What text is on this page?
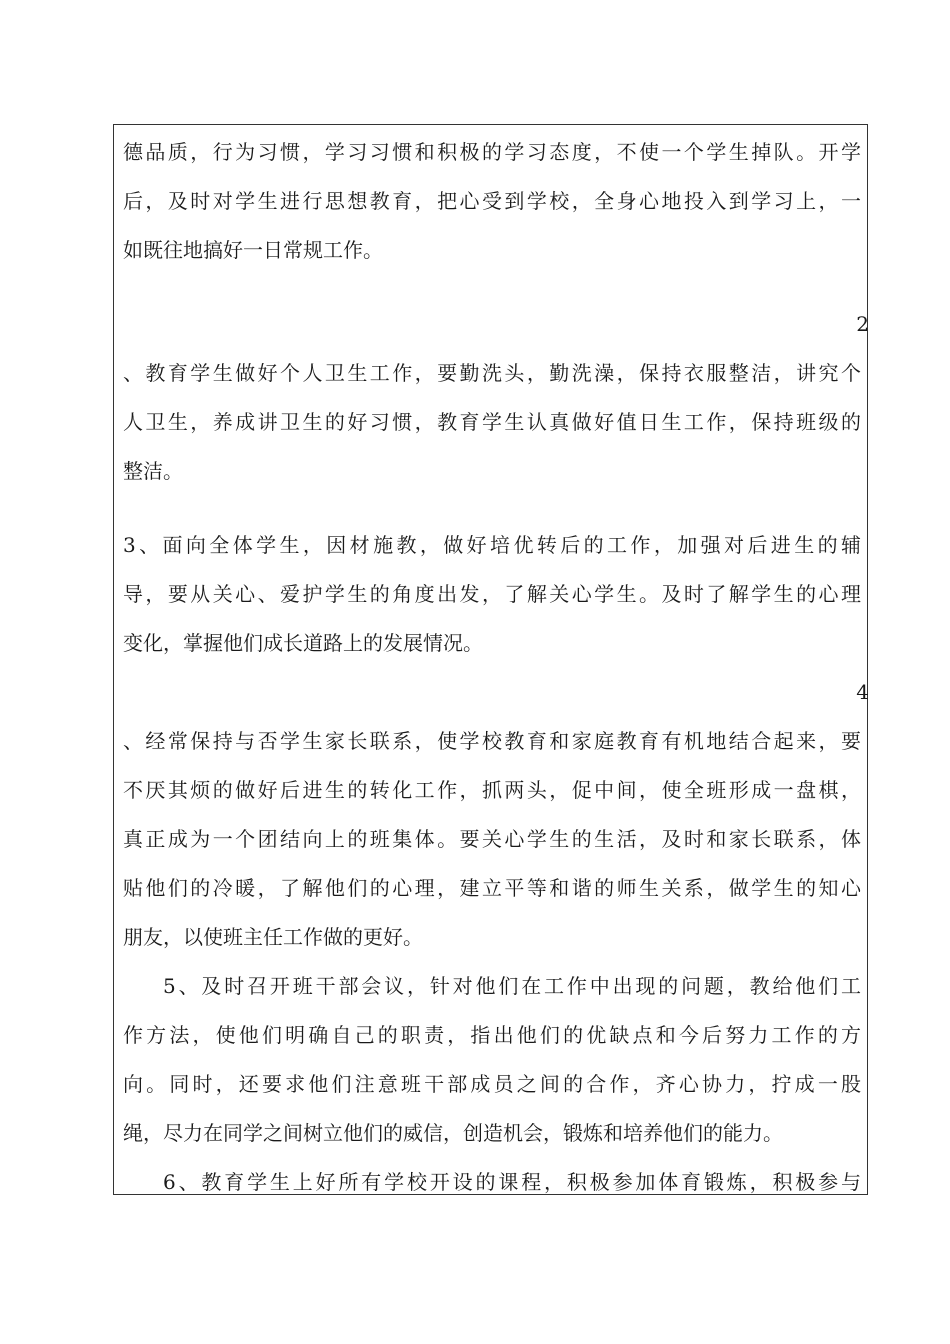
德品质，行为习惯，学习习惯和积极的学习态度，不使一个学生掉队。开学
后，及时对学生进行思想教育，把心受到学校，全身心地投入到学习上，一
如既往地搞好一日常规工作。
2
、教育学生做好个人卫生工作，要勤洗头，勤洗澡，保持衣服整洁，讲究个
人卫生，养成讲卫生的好习惯，教育学生认真做好值日生工作，保持班级的
整洁。
3、面向全体学生，因材施教，做好培优转后的工作，加强对后进生的辅
导，要从关心、爱护学生的角度出发，了解关心学生。及时了解学生的心理
变化，掌握他们成长道路上的发展情况。
4
、经常保持与否学生家长联系，使学校教育和家庭教育有机地结合起来，要
不厌其烦的做好后进生的转化工作，抓两头，促中间，使全班形成一盘棋，
真正成为一个团结向上的班集体。要关心学生的生活，及时和家长联系，体
贴他们的冷暖，了解他们的心理，建立平等和谐的师生关系，做学生的知心
朋友，以使班主任工作做的更好。
5、及时召开班干部会议，针对他们在工作中出现的问题，教给他们工
作方法，使他们明确自己的职责，指出他们的优缺点和今后努力工作的方
向。同时，还要求他们注意班干部成员之间的合作，齐心协力，拧成一股
绳，尽力在同学之间树立他们的威信，创造机会，锻炼和培养他们的能力。
6、教育学生上好所有学校开设的课程，积极参加体育锻炼，积极参与
